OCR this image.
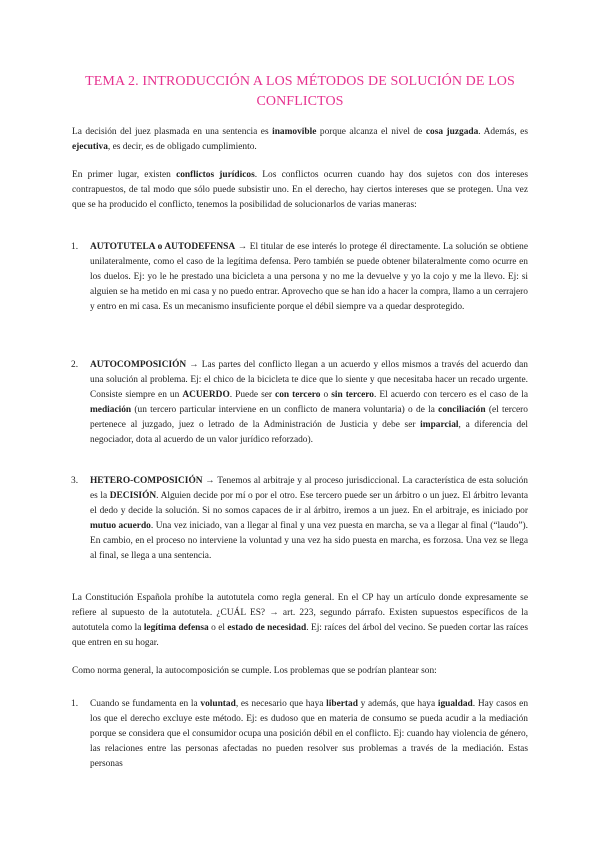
TEMA 2. INTRODUCCIÓN A LOS MÉTODOS DE SOLUCIÓN DE LOS CONFLICTOS

La decisión del juez plasmada en una sentencia es inamovible porque alcanza el nivel de cosa juzgada. Además, es ejecutiva, es decir, es de obligado cumplimiento.

En primer lugar, existen conflictos jurídicos. Los conflictos ocurren cuando hay dos sujetos con dos intereses contrapuestos, de tal modo que sólo puede subsistir uno. En el derecho, hay ciertos intereses que se protegen. Una vez que se ha producido el conflicto, tenemos la posibilidad de solucionarlos de varias maneras:

1. AUTOTUTELA o AUTODEFENSA → El titular de ese interés lo protege él directamente. La solución se obtiene unilateralmente, como el caso de la legítima defensa. Pero también se puede obtener bilateralmente como ocurre en los duelos. Ej: yo le he prestado una bicicleta a una persona y no me la devuelve y yo la cojo y me la llevo. Ej: si alguien se ha metido en mi casa y no puedo entrar. Aprovecho que se han ido a hacer la compra, llamo a un cerrajero y entro en mi casa. Es un mecanismo insuficiente porque el débil siempre va a quedar desprotegido.

2. AUTOCOMPOSICIÓN → Las partes del conflicto llegan a un acuerdo y ellos mismos a través del acuerdo dan una solución al problema. Ej: el chico de la bicicleta te dice que lo siente y que necesitaba hacer un recado urgente. Consiste siempre en un ACUERDO. Puede ser con tercero o sin tercero. El acuerdo con tercero es el caso de la mediación (un tercero particular interviene en un conflicto de manera voluntaria) o de la conciliación (el tercero pertenece al juzgado, juez o letrado de la Administración de Justicia y debe ser imparcial, a diferencia del negociador, dota al acuerdo de un valor jurídico reforzado).

3. HETERO-COMPOSICIÓN → Tenemos al arbitraje y al proceso jurisdiccional. La característica de esta solución es la DECISIÓN. Alguien decide por mí o por el otro. Ese tercero puede ser un árbitro o un juez. El árbitro levanta el dedo y decide la solución. Si no somos capaces de ir al árbitro, iremos a un juez. En el arbitraje, es iniciado por mutuo acuerdo. Una vez iniciado, van a llegar al final y una vez puesta en marcha, se va a llegar al final (“laudo”). En cambio, en el proceso no interviene la voluntad y una vez ha sido puesta en marcha, es forzosa. Una vez se llega al final, se llega a una sentencia.

La Constitución Española prohíbe la autotutela como regla general. En el CP hay un artículo donde expresamente se refiere al supuesto de la autotutela. ¿CUÁL ES? → art. 223, segundo párrafo. Existen supuestos específicos de la autotutela como la legítima defensa o el estado de necesidad. Ej: raíces del árbol del vecino. Se pueden cortar las raíces que entren en su hogar.

Como norma general, la autocomposición se cumple. Los problemas que se podrían plantear son:

1. Cuando se fundamenta en la voluntad, es necesario que haya libertad y además, que haya igualdad. Hay casos en los que el derecho excluye este método. Ej: es dudoso que en materia de consumo se pueda acudir a la mediación porque se considera que el consumidor ocupa una posición débil en el conflicto. Ej: cuando hay violencia de género, las relaciones entre las personas afectadas no pueden resolver sus problemas a través de la mediación. Estas personas
